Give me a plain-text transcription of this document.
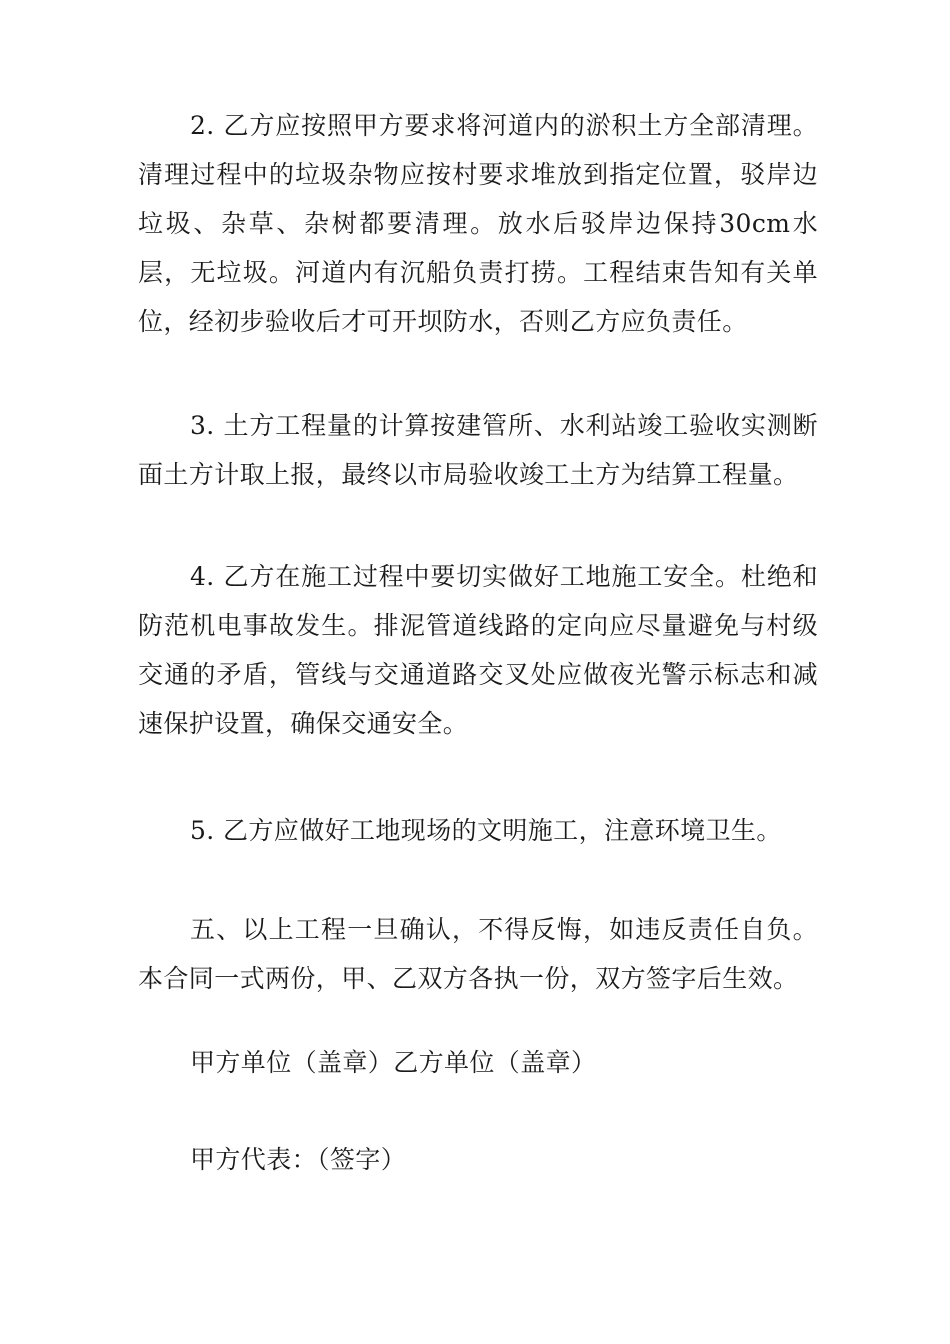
2. 乙方应按照甲方要求将河道内的淤积土方全部清理。清理过程中的垃圾杂物应按村要求堆放到指定位置，驳岸边垃圾、杂草、杂树都要清理。放水后驳岸边保持30cm水层，无垃圾。河道内有沉船负责打捞。工程结束告知有关单位，经初步验收后才可开坝防水，否则乙方应负责任。

3. 土方工程量的计算按建管所、水利站竣工验收实测断面土方计取上报，最终以市局验收竣工土方为结算工程量。

4. 乙方在施工过程中要切实做好工地施工安全。杜绝和防范机电事故发生。排泥管道线路的定向应尽量避免与村级交通的矛盾，管线与交通道路交叉处应做夜光警示标志和减速保护设置，确保交通安全。

5. 乙方应做好工地现场的文明施工，注意环境卫生。

五、以上工程一旦确认，不得反悔，如违反责任自负。本合同一式两份，甲、乙双方各执一份，双方签字后生效。

甲方单位（盖章）乙方单位（盖章）

甲方代表：（签字）
